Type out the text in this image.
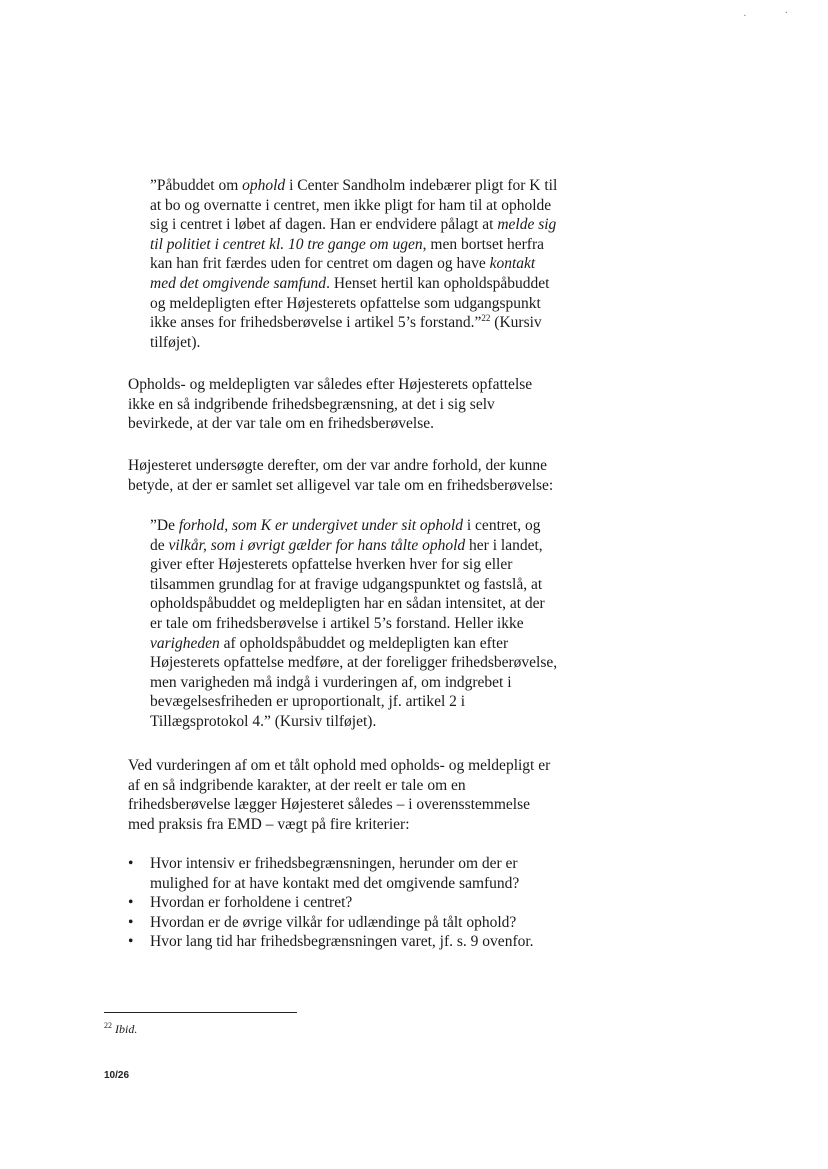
. ·

”Påbuddet om ophold i Center Sandholm indebærer pligt for K til

at bo og overnatte i centret, men ikke pligt for ham til at opholde

sig i centret i løbet af dagen. Han er endvidere pålagt at melde sig

til politiet i centret kl. 10 tre gange om ugen, men bortset herfra

kan han frit færdes uden for centret om dagen og have kontakt

med det omgivende samfund. Henset hertil kan opholdspåbuddet

og meldepligten efter Højesterets opfattelse som udgangspunkt

ikke anses for frihedsberøvelse i artikel 5’s forstand.”$^{22}$ (Kursiv

tilføjet).

Opholds- og meldepligten var således efter Højesterets opfattelse

ikke en så indgribende frihedsbegrænsning, at det i sig selv

bevirkede, at der var tale om en frihedsberøvelse.

Højesteret undersøgte derefter, om der var andre forhold, der kunne

betyde, at der er samlet set alligevel var tale om en frihedsberøvelse:

”De forhold, som K er undergivet under sit ophold i centret, og

de vilkår, som i øvrigt gælder for hans tålte ophold her i landet,

giver efter Højesterets opfattelse hverken hver for sig eller

tilsammen grundlag for at fravige udgangspunktet og fastslå, at

opholdspåbuddet og meldepligten har en sådan intensitet, at der

er tale om frihedsberøvelse i artikel 5’s forstand. Heller ikke

varigheden af opholdspåbuddet og meldepligten kan efter

Højesterets opfattelse medføre, at der foreligger frihedsberøvelse,

men varigheden må indgå i vurderingen af, om indgrebet i

bevægelsesfriheden er uproportionalt, jf. artikel 2 i

Tillægsprotokol 4.” (Kursiv tilføjet).

Ved vurderingen af om et tålt ophold med opholds- og meldepligt er

af en så indgribende karakter, at der reelt er tale om en

frihedsberøvelse lægger Højesteret således – i overensstemmelse

med praksis fra EMD – vægt på fire kriterier:

• Hvor intensiv er frihedsbegrænsningen, herunder om der er
mulighed for at have kontakt med det omgivende samfund?
• Hvordan er forholdene i centret?
• Hvordan er de øvrige vilkår for udlændinge på tålt ophold?
• Hvor lang tid har frihedsbegrænsningen varet, jf. s. 9 ovenfor.
$^{22}$ Ibid.
10/26
